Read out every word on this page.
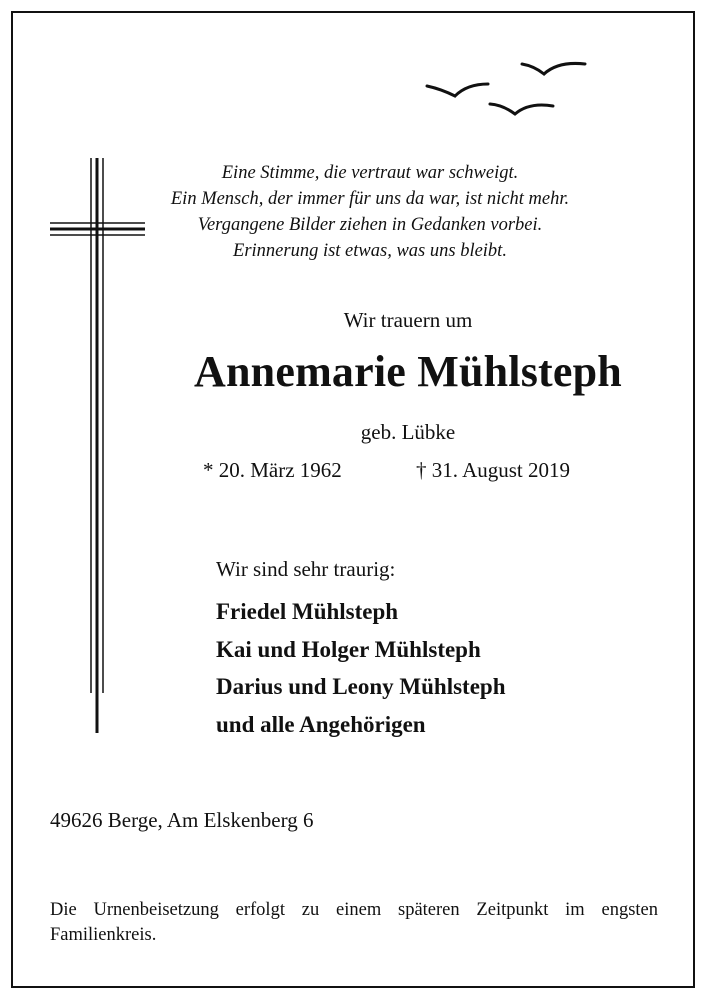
Eine Stimme, die vertraut war schweigt.
Ein Mensch, der immer für uns da war, ist nicht mehr.
Vergangene Bilder ziehen in Gedanken vorbei.
Erinnerung ist etwas, was uns bleibt.
Wir trauern um
Annemarie Mühlsteph
geb. Lübke
* 20. März 1962	† 31. August 2019
Wir sind sehr traurig:
Friedel Mühlsteph
Kai und Holger Mühlsteph
Darius und Leony Mühlsteph
und alle Angehörigen
49626 Berge, Am Elskenberg 6
Die Urnenbeisetzung erfolgt zu einem späteren Zeitpunkt im engsten Familienkreis.
